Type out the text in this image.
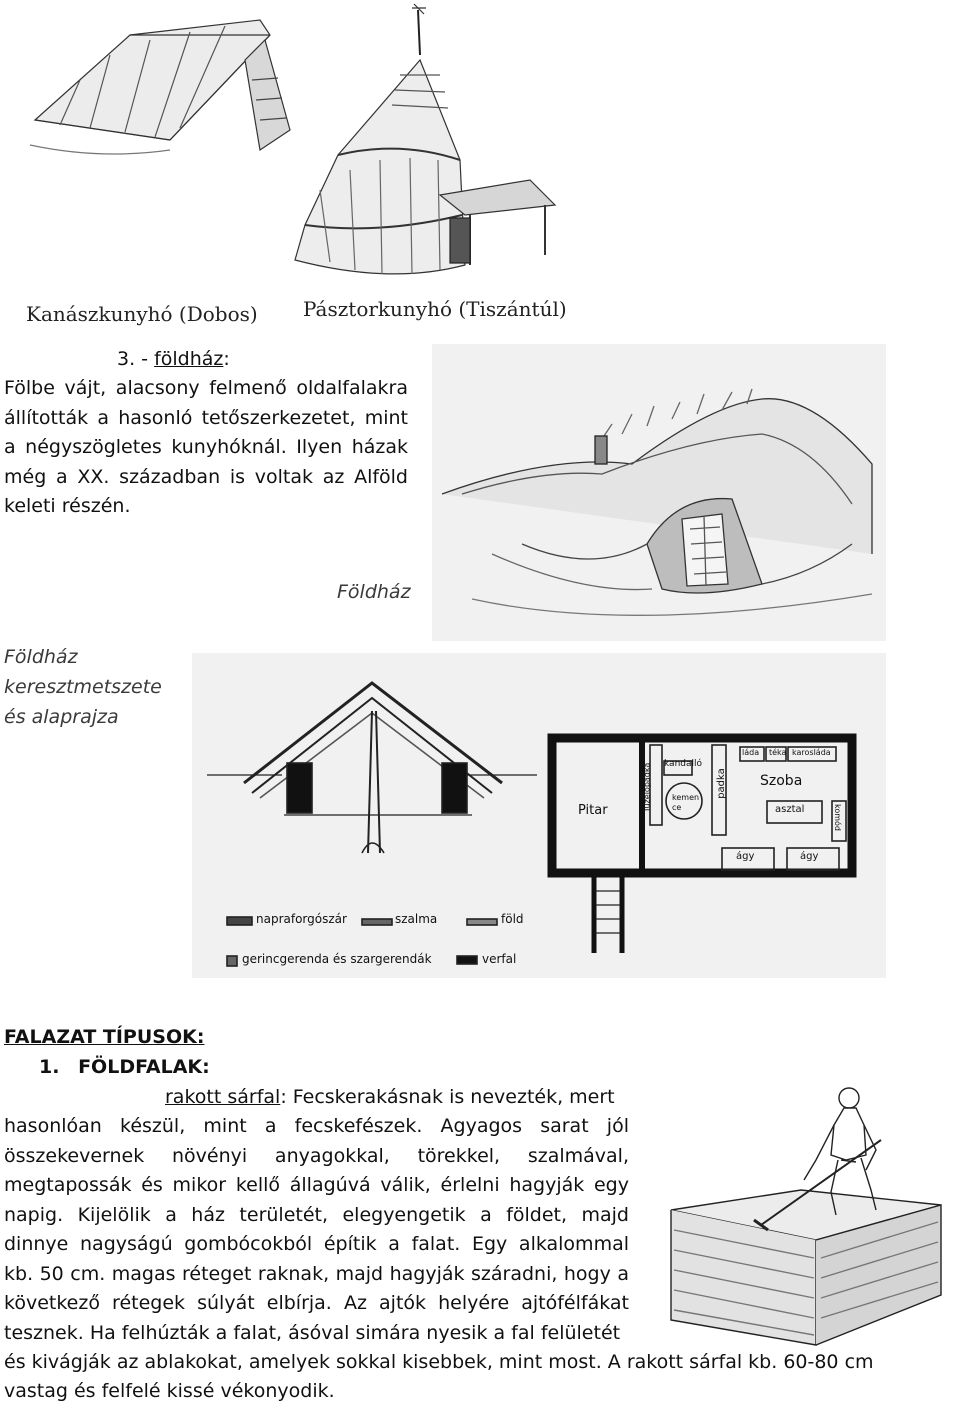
Kanászkunyhó (Dobos) Pásztorkunyhó (Tiszántúl)
3. - földház:
Fölbe vájt, alacsony felmenő oldalfalakra
állították a hasonló tetőszerkezetet, mint
a négyszögletes kunyhóknál. Ilyen házak
még a XX. században is voltak az Alföld
keleti részén.
Földház
Földház
keresztmetszete
és alaprajza
Pitar
kandalló
Tüzelőpadka	padka
kemen ce
Szoba
láda téka karosláda
asztal	komód
ágy	ágy
napraforgószár	szalma	föld
gerincgerenda és szargerendák	verfal
FALAZAT TÍPUSOK:
1. FÖLDFALAK:
rakott sárfal: Fecskerakásnak is nevezték, mert
hasonlóan készül, mint a fecskefészek. Agyagos sarat jól
összekevernek növényi anyagokkal, törekkel, szalmával,
megtapossák és mikor kellő állagúvá válik, érlelni hagyják egy
napig. Kijelölik a ház területét, elegyengetik a földet, majd
dinnye nagyságú gombócokból építik a falat. Egy alkalommal
kb. 50 cm. magas réteget raknak, majd hagyják száradni, hogy a
következő rétegek súlyát elbírja. Az ajtók helyére ajtófélfákat
tesznek. Ha felhúzták a falat, ásóval simára nyesik a fal felületét
és kivágják az ablakokat, amelyek sokkal kisebbek, mint most. A rakott sárfal kb. 60-80 cm
vastag és felfelé kissé vékonyodik.
